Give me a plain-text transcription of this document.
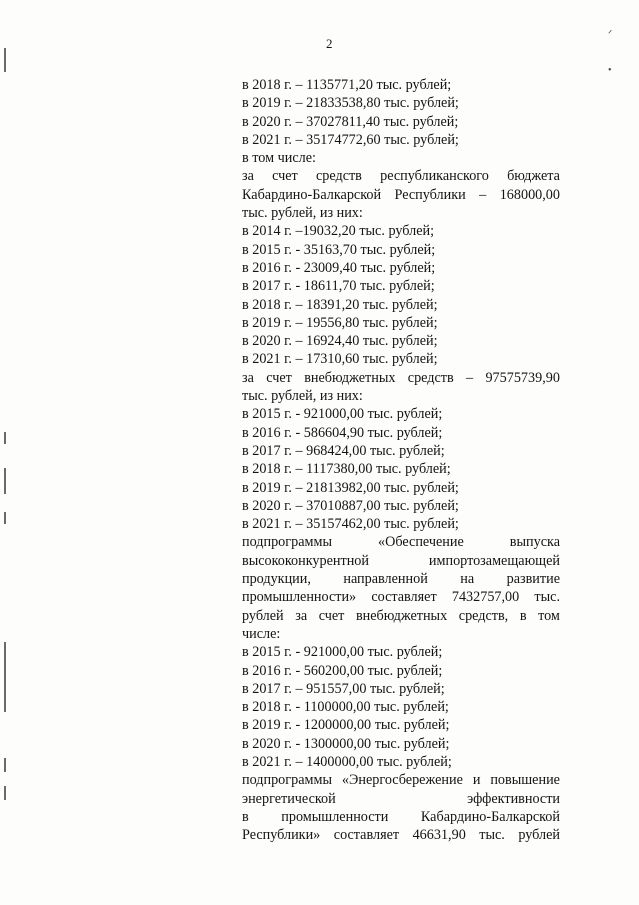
2
в 2018 г. – 1135771,20 тыс. рублей;
в 2019 г. – 21833538,80 тыс. рублей;
в 2020 г. – 37027811,40 тыс. рублей;
в 2021 г. – 35174772,60 тыс. рублей;
в том числе:
за счет средств республиканского бюджета
Кабардино-Балкарской Республики – 168000,00
тыс. рублей, из них:
в 2014 г. –19032,20 тыс. рублей;
в 2015 г. - 35163,70 тыс. рублей;
в 2016 г. - 23009,40 тыс. рублей;
в 2017 г. - 18611,70 тыс. рублей;
в 2018 г. – 18391,20 тыс. рублей;
в 2019 г. – 19556,80 тыс. рублей;
в 2020 г. – 16924,40 тыс. рублей;
в 2021 г. – 17310,60 тыс. рублей;
за счет внебюджетных средств – 97575739,90
тыс. рублей, из них:
в 2015 г. - 921000,00 тыс. рублей;
в 2016 г. - 586604,90 тыс. рублей;
в 2017 г. – 968424,00 тыс. рублей;
в 2018 г. – 1117380,00 тыс. рублей;
в 2019 г. – 21813982,00 тыс. рублей;
в 2020 г. – 37010887,00 тыс. рублей;
в 2021 г. – 35157462,00 тыс. рублей;
подпрограммы	«Обеспечение	выпуска
высококонкурентной	импортозамещающей
продукции, направленной на развитие
промышленности» составляет 7432757,00 тыс.
рублей за счет внебюджетных средств, в том
числе:
в 2015 г. - 921000,00 тыс. рублей;
в 2016 г. - 560200,00 тыс. рублей;
в 2017 г. – 951557,00 тыс. рублей;
в 2018 г. - 1100000,00 тыс. рублей;
в 2019 г. - 1200000,00 тыс. рублей;
в 2020 г. - 1300000,00 тыс. рублей;
в 2021 г. – 1400000,00 тыс. рублей;
подпрограммы «Энергосбережение и повышение
энергетической	эффективности
в промышленности Кабардино-Балкарской
Республики» составляет 46631,90 тыс. рублей
ᐟ
•
